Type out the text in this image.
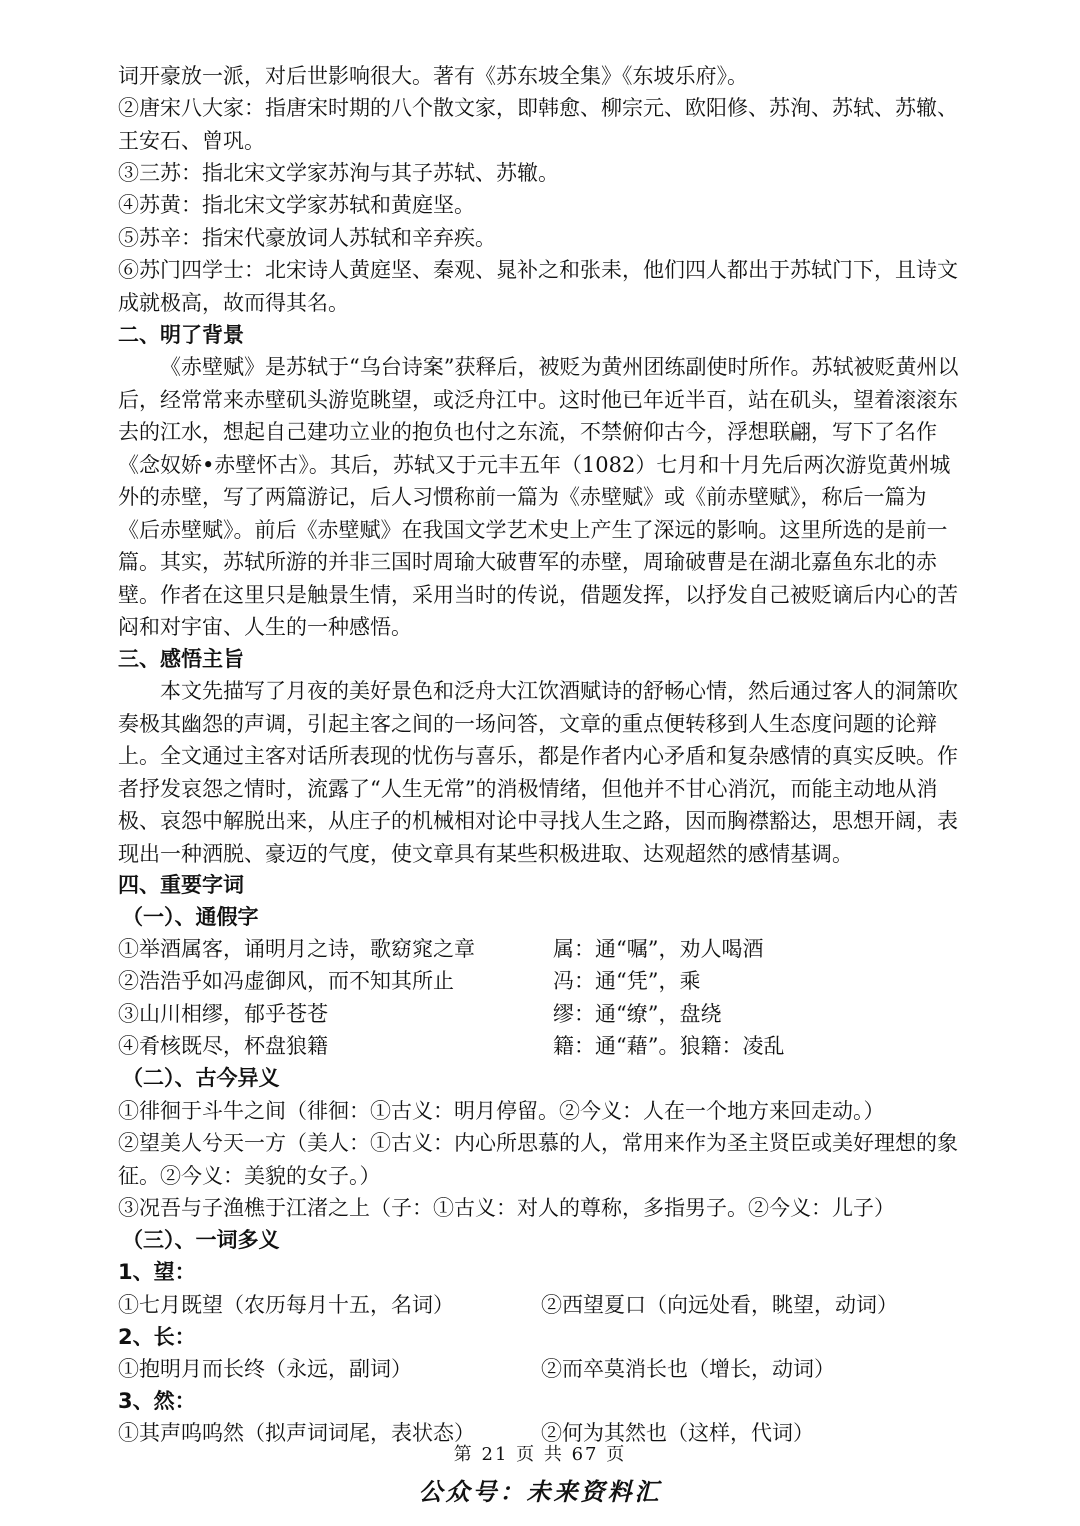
词开豪放一派，对后世影响很大。著有《苏东坡全集》《东坡乐府》。

②唐宋八大家：指唐宋时期的八个散文家，即韩愈、柳宗元、欧阳修、苏洵、苏轼、苏辙、王安石、曾巩。

③三苏：指北宋文学家苏洵与其子苏轼、苏辙。

④苏黄：指北宋文学家苏轼和黄庭坚。

⑤苏辛：指宋代豪放词人苏轼和辛弃疾。

⑥苏门四学士：北宋诗人黄庭坚、秦观、晁补之和张耒，他们四人都出于苏轼门下，且诗文成就极高，故而得其名。

二、明了背景

《赤壁赋》是苏轼于“乌台诗案”获释后，被贬为黄州团练副使时所作。苏轼被贬黄州以后，经常常来赤壁矶头游览眺望，或泛舟江中。这时他已年近半百，站在矶头，望着滚滚东去的江水，想起自己建功立业的抱负也付之东流，不禁俯仰古今，浮想联翩，写下了名作《念奴娇•赤壁怀古》。其后，苏轼又于元丰五年（1082）七月和十月先后两次游览黄州城外的赤壁，写了两篇游记，后人习惯称前一篇为《赤壁赋》或《前赤壁赋》，称后一篇为《后赤壁赋》。前后《赤壁赋》在我国文学艺术史上产生了深远的影响。这里所选的是前一篇。其实，苏轼所游的并非三国时周瑜大破曹军的赤壁，周瑜破曹是在湖北嘉鱼东北的赤壁。作者在这里只是触景生情，采用当时的传说，借题发挥，以抒发自己被贬谪后内心的苦闷和对宇宙、人生的一种感悟。

三、感悟主旨

本文先描写了月夜的美好景色和泛舟大江饮酒赋诗的舒畅心情，然后通过客人的洞箫吹奏极其幽怨的声调，引起主客之间的一场问答，文章的重点便转移到人生态度问题的论辩上。全文通过主客对话所表现的忧伤与喜乐，都是作者内心矛盾和复杂感情的真实反映。作者抒发哀怨之情时，流露了“人生无常”的消极情绪，但他并不甘心消沉，而能主动地从消极、哀怨中解脱出来，从庄子的机械相对论中寻找人生之路，因而胸襟豁达，思想开阔，表现出一种洒脱、豪迈的气度，使文章具有某些积极进取、达观超然的感情基调。

四、重要字词
（一）、通假字
①举酒属客，诵明月之诗，歌窈窕之章	属：通“嘱”，劝人喝酒
②浩浩乎如冯虚御风，而不知其所止	冯：通“凭”，乘
③山川相缪，郁乎苍苍	缪：通“缭”，盘绕
④肴核既尽，杯盘狼籍	籍：通“藉”。狼籍：凌乱
（二）、古今异义

①徘徊于斗牛之间（徘徊：①古义：明月停留。②今义：人在一个地方来回走动。）

②望美人兮天一方（美人：①古义：内心所思慕的人，常用来作为圣主贤臣或美好理想的象征。②今义：美貌的女子。）

③况吾与子渔樵于江渚之上（子：①古义：对人的尊称，多指男子。②今义：儿子）

（三）、一词多义
1、望：
①七月既望（农历每月十五，名词）	②西望夏口（向远处看，眺望，动词）
2、长：
①抱明月而长终（永远，副词）	②而卒莫消长也（增长，动词）
3、然：
①其声呜呜然（拟声词词尾，表状态）	②何为其然也（这样，代词）
第 21 页 共 67 页
公众号：未来资料汇
